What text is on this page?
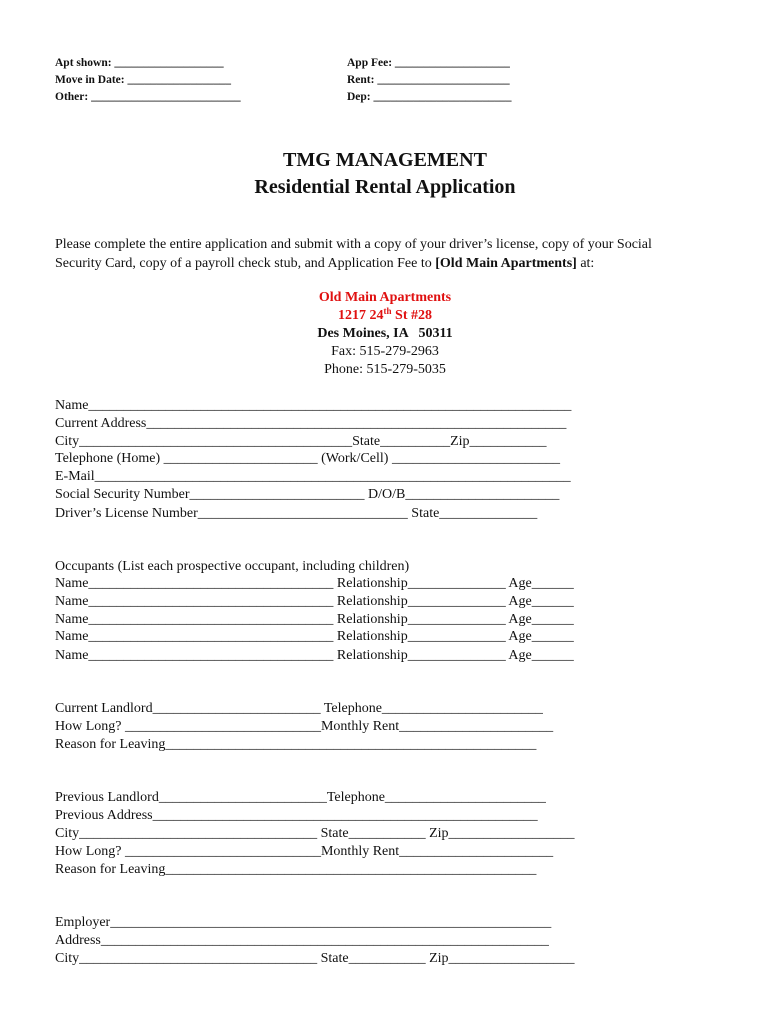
Apt shown: ___________________
Move in Date: __________________
Other: __________________________
App Fee: ____________________
Rent: _______________________
Dep: ________________________
TMG MANAGEMENT
Residential Rental Application
Please complete the entire application and submit with a copy of your driver’s license, copy of your Social
Security Card, copy of a payroll check stub, and Application Fee to [Old Main Apartments] at:
Old Main Apartments
1217 24th St #28
Des Moines, IA   50311
Fax: 515-279-2963
Phone: 515-279-5035
Name_____________________________________________________________________
Current Address____________________________________________________________
City_______________________________________State__________Zip___________
Telephone (Home) ______________________ (Work/Cell) ________________________
E-Mail____________________________________________________________________
Social Security Number_________________________ D/O/B______________________
Driver’s License Number______________________________ State______________
Occupants (List each prospective occupant, including children)
Name___________________________________ Relationship______________ Age______
Name___________________________________ Relationship______________ Age______
Name___________________________________ Relationship______________ Age______
Name___________________________________ Relationship______________ Age______
Name___________________________________ Relationship______________ Age______
Current Landlord________________________ Telephone_______________________
How Long? ____________________________Monthly Rent______________________
Reason for Leaving_____________________________________________________
Previous Landlord________________________Telephone_______________________
Previous Address_______________________________________________________
City__________________________________ State___________ Zip__________________
How Long? ____________________________Monthly Rent______________________
Reason for Leaving_____________________________________________________
Employer_______________________________________________________________
Address________________________________________________________________
City__________________________________ State___________ Zip__________________
